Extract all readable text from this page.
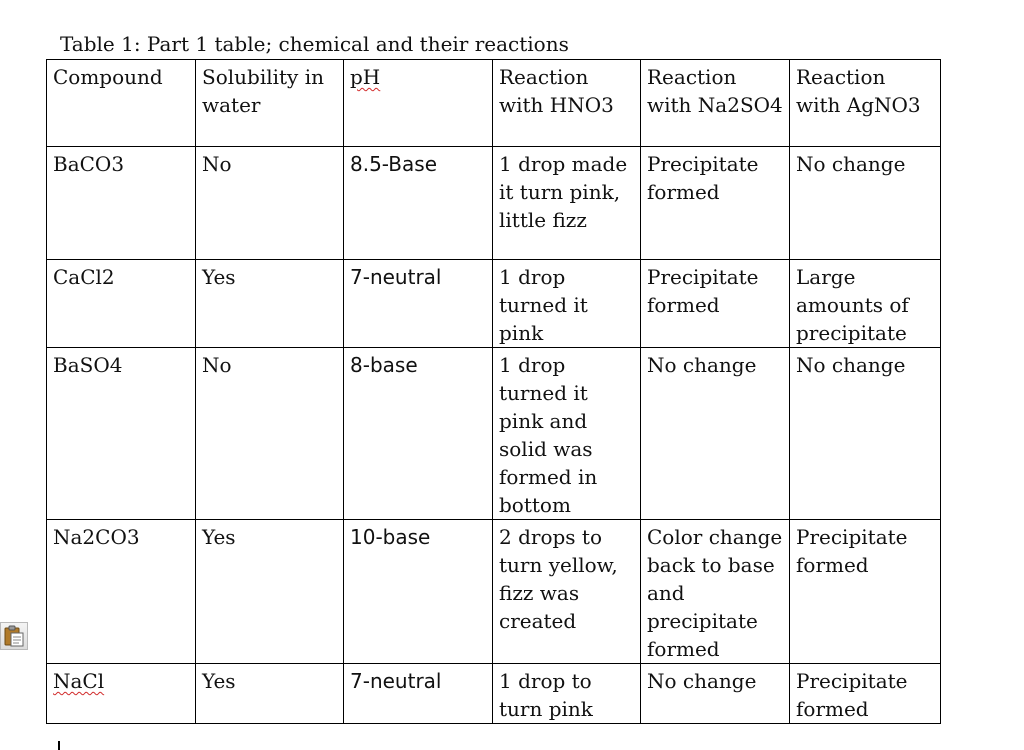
Table 1: Part 1 table; chemical and their reactions
Compound	Solubility in water	pH	Reaction with HNO3	Reaction with Na2SO4	Reaction with AgNO3
BaCO3	No	8.5-Base	1 drop made it turn pink, little fizz	Precipitate formed	No change
CaCl2	Yes	7-neutral	1 drop turned it pink	Precipitate formed	Large amounts of precipitate
BaSO4	No	8-base	1 drop turned it pink and solid was formed in bottom	No change	No change
Na2CO3	Yes	10-base	2 drops to turn yellow, fizz was created	Color change back to base and precipitate formed	Precipitate formed
NaCl	Yes	7-neutral	1 drop to turn pink	No change	Precipitate formed
